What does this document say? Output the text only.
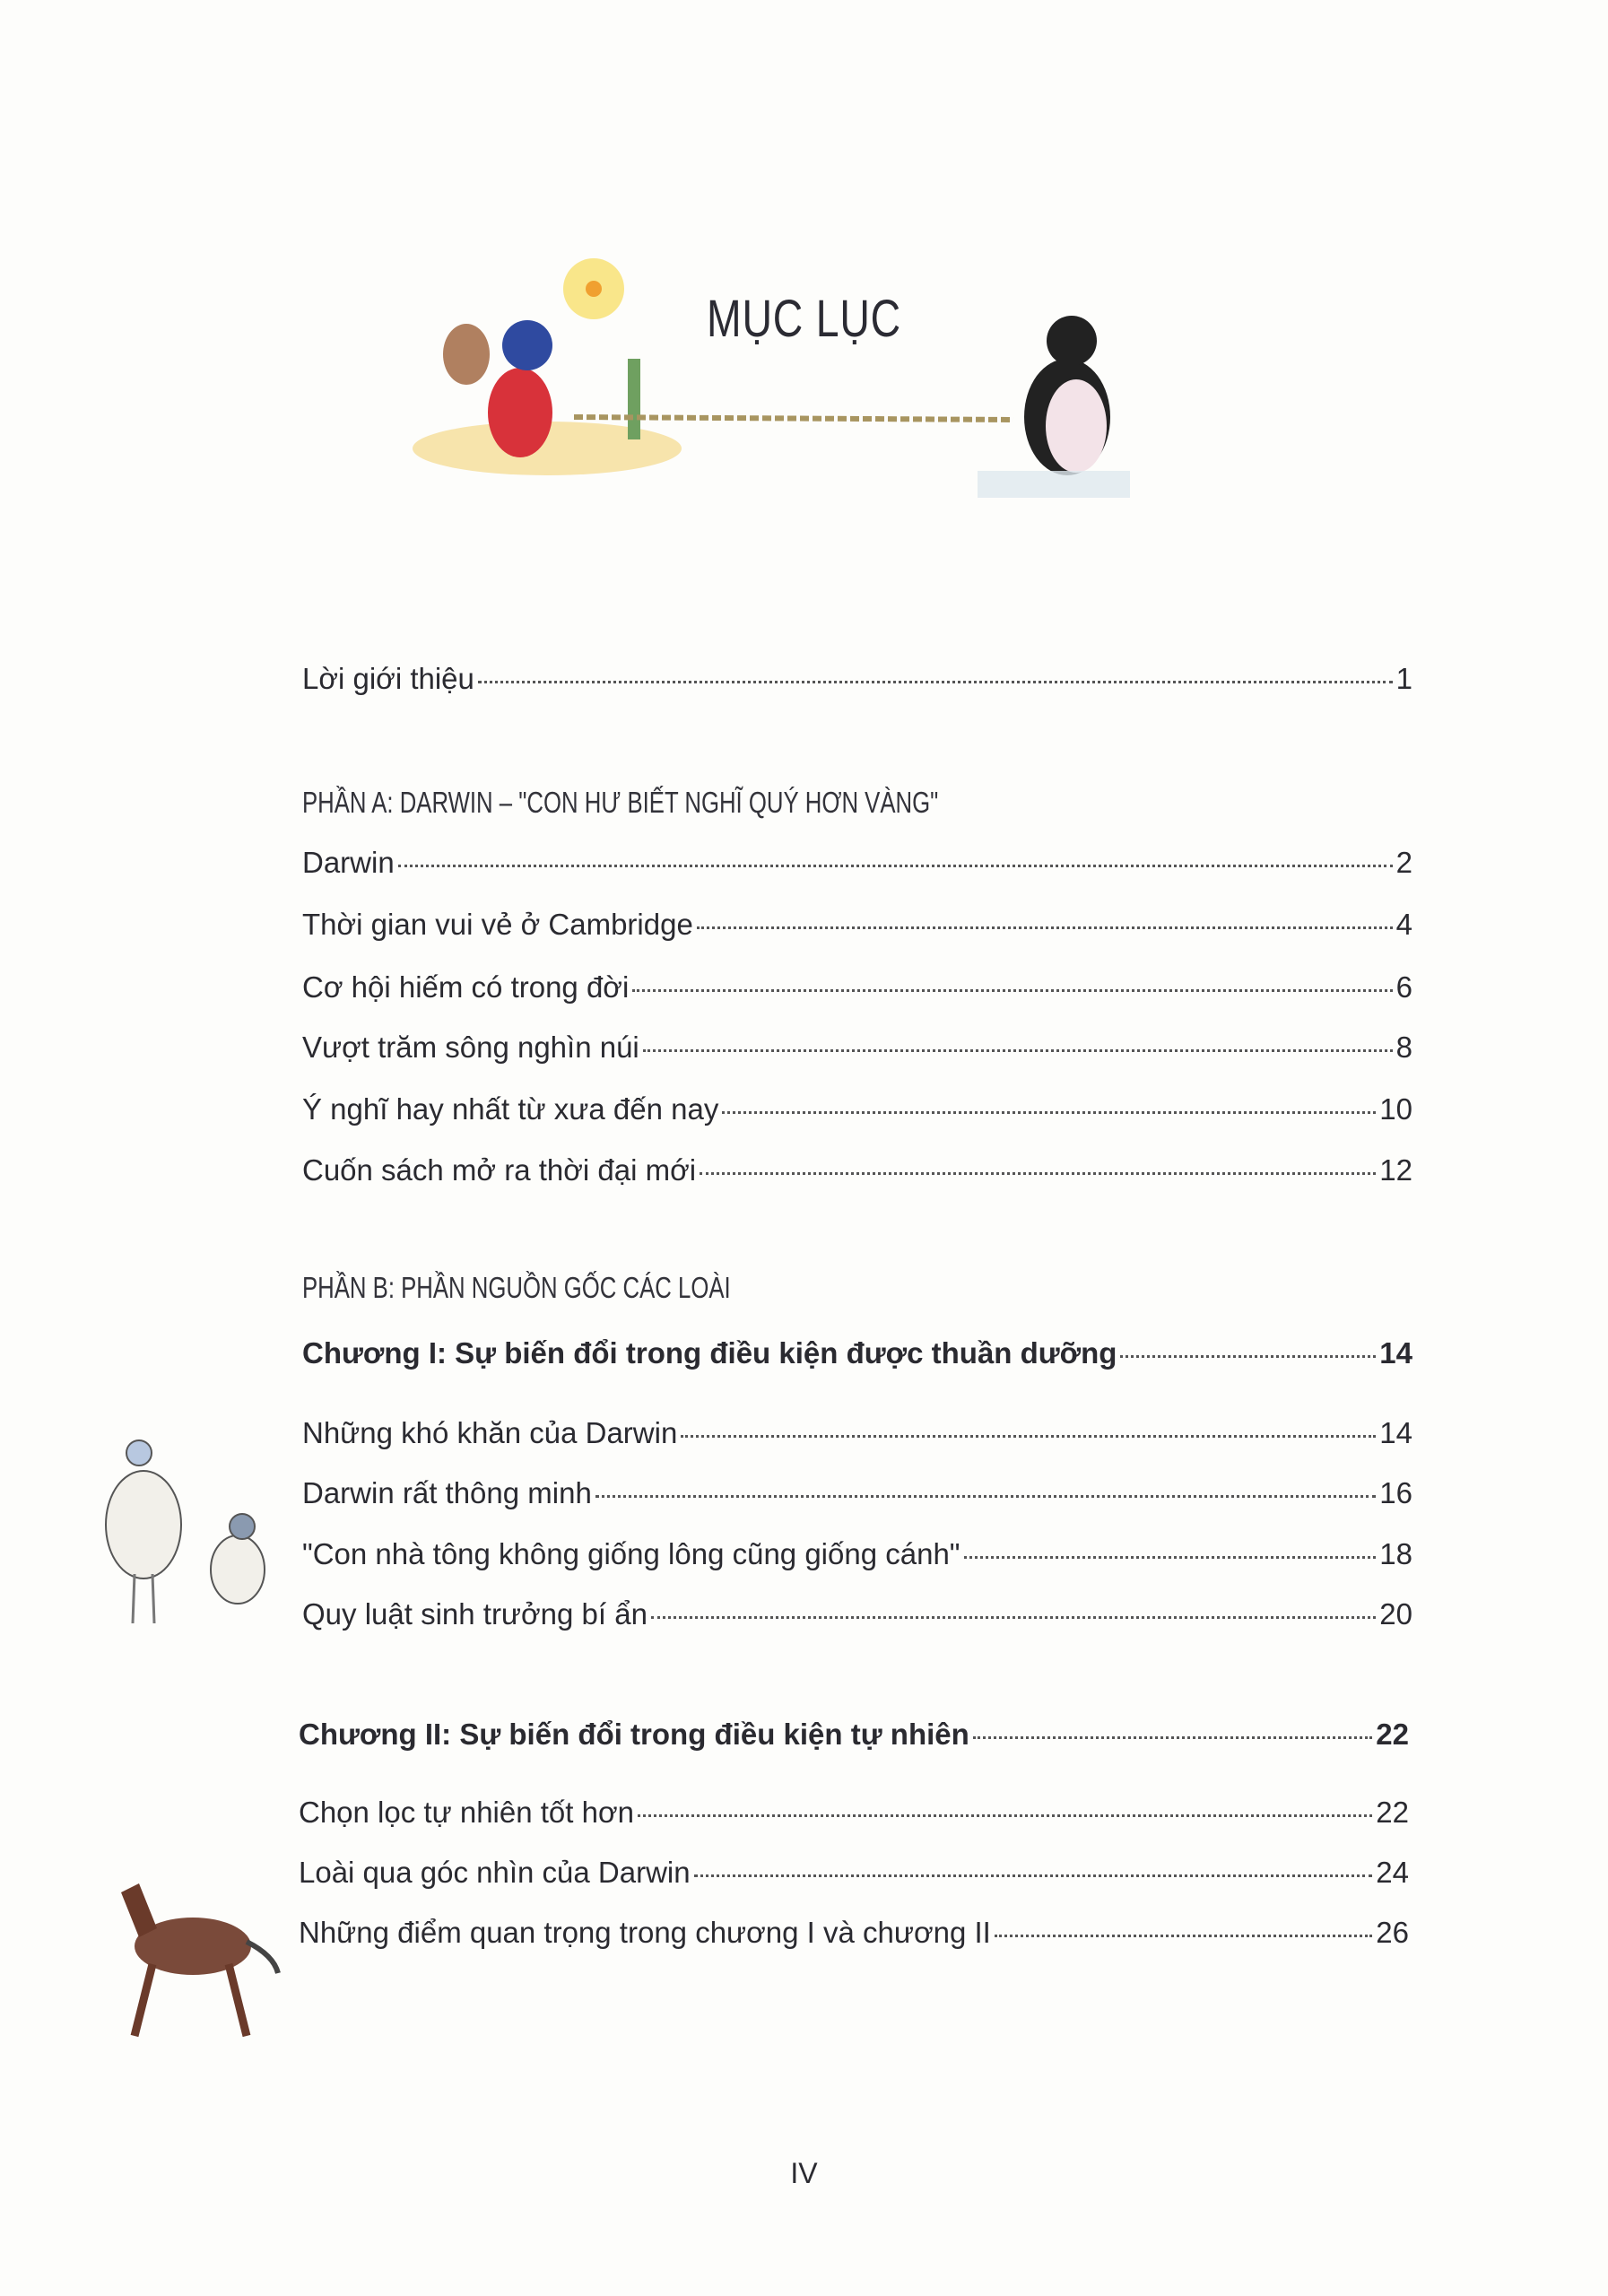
MỤC LỤC
Lời giới thiệu	1
PHẦN A: DARWIN – "CON HƯ BIẾT NGHĨ QUÝ HƠN VÀNG"
Darwin	2
Thời gian vui vẻ ở Cambridge	4
Cơ hội hiếm có trong đời	6
Vượt trăm sông nghìn núi	8
Ý nghĩ hay nhất từ xưa đến nay	10
Cuốn sách mở ra thời đại mới	12
PHẦN B: PHẦN NGUỒN GỐC CÁC LOÀI
Chương I: Sự biến đổi trong điều kiện được thuần dưỡng	14
Những khó khăn của Darwin	14
Darwin rất thông minh	16
"Con nhà tông không giống lông cũng giống cánh"	18
Quy luật sinh trưởng bí ẩn	20
Chương II: Sự biến đổi trong điều kiện tự nhiên	22
Chọn lọc tự nhiên tốt hơn	22
Loài qua góc nhìn của Darwin	24
Những điểm quan trọng trong chương I và chương II	26
IV
